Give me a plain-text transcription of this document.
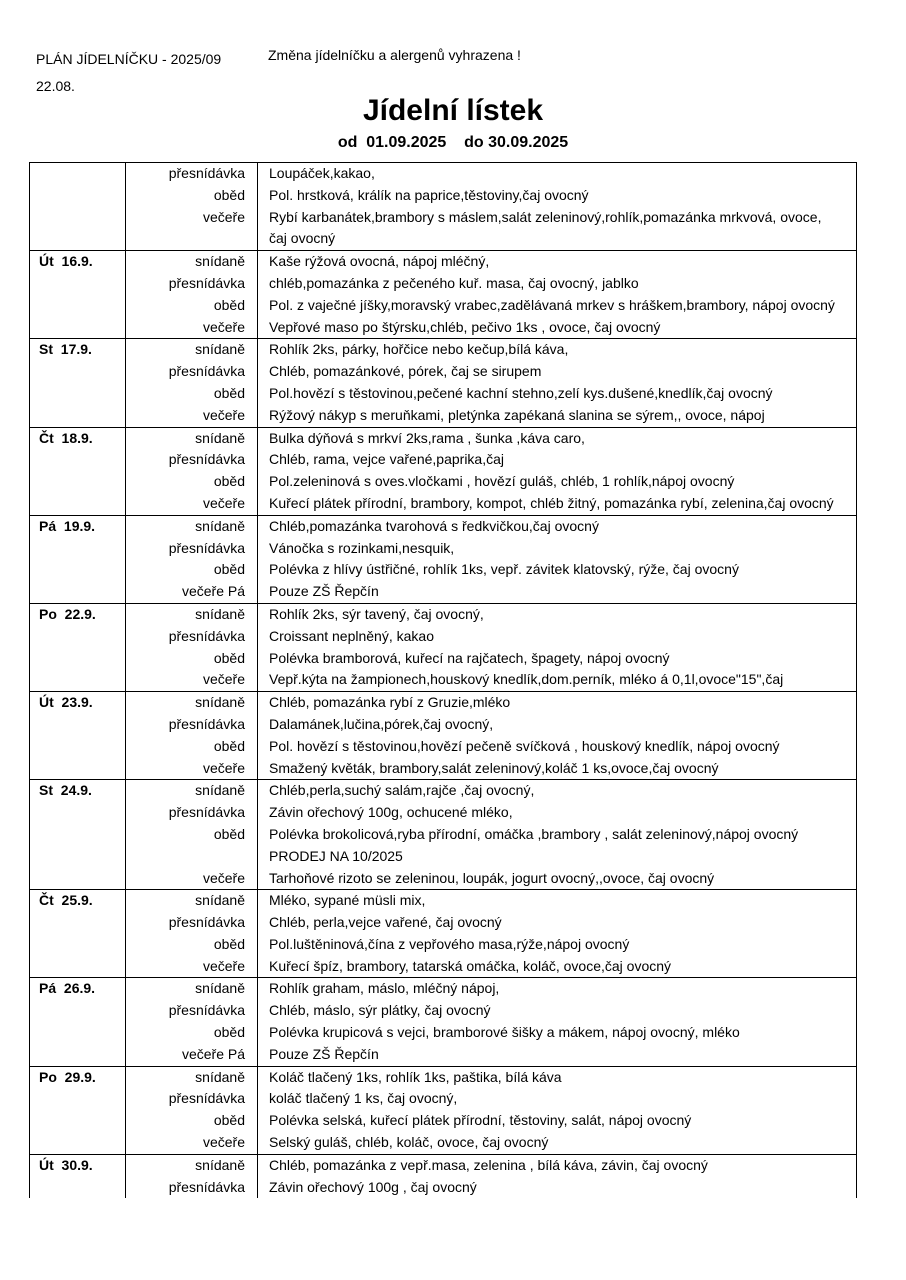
PLÁN JÍDELNÍČKU - 2025/09
22.08.
Změna jídelníčku a alergenů vyhrazena !
Jídelní lístek
od  01.09.2025    do 30.09.2025
	přesnídávka	Loupáček,kakao,
	oběd	Pol. hrstková, králík na paprice,těstoviny,čaj ovocný
	večeře	Rybí karbanátek,brambory s máslem,salát zeleninový,rohlík,pomazánka mrkvová, ovoce, čaj ovocný
Út  16.9.	snídaně	Kaše rýžová ovocná, nápoj mléčný,
	přesnídávka	chléb,pomazánka z pečeného kuř. masa, čaj ovocný, jablko
	oběd	Pol. z vaječné jíšky,moravský vrabec,zadělávaná mrkev s hráškem,brambory, nápoj ovocný
	večeře	Vepřové maso po štýrsku,chléb, pečivo 1ks , ovoce, čaj ovocný
St  17.9.	snídaně	Rohlík 2ks, párky, hořčice nebo kečup,bílá káva,
	přesnídávka	Chléb, pomazánkové, pórek, čaj se sirupem
	oběd	Pol.hovězí s těstovinou,pečené kachní stehno,zelí kys.dušené,knedlík,čaj ovocný
	večeře	Rýžový nákyp s meruňkami, pletýnka zapékaná slanina se sýrem,, ovoce, nápoj
Čt  18.9.	snídaně	Bulka dýňová s mrkví 2ks,rama , šunka ,káva caro,
	přesnídávka	Chléb, rama, vejce vařené,paprika,čaj
	oběd	Pol.zeleninová s oves.vločkami , hovězí guláš, chléb, 1 rohlík,nápoj ovocný
	večeře	Kuřecí plátek přírodní, brambory, kompot, chléb žitný, pomazánka rybí, zelenina,čaj ovocný
Pá  19.9.	snídaně	Chléb,pomazánka tvarohová s ředkvičkou,čaj ovocný
	přesnídávka	Vánočka s rozinkami,nesquik,
	oběd	Polévka z hlívy ústřičné, rohlík 1ks, vepř. závitek klatovský, rýže, čaj ovocný
	večeře Pá	Pouze ZŠ Řepčín
Po  22.9.	snídaně	Rohlík 2ks, sýr tavený, čaj ovocný,
	přesnídávka	Croissant neplněný, kakao
	oběd	Polévka bramborová, kuřecí na rajčatech, špagety, nápoj ovocný
	večeře	Vepř.kýta na žampionech,houskový knedlík,dom.perník, mléko á 0,1l,ovoce"15",čaj
Út  23.9.	snídaně	Chléb, pomazánka rybí z Gruzie,mléko
	přesnídávka	Dalamánek,lučina,pórek,čaj ovocný,
	oběd	Pol. hovězí s těstovinou,hovězí pečeně svíčková , houskový knedlík, nápoj ovocný
	večeře	Smažený květák, brambory,salát zeleninový,koláč 1 ks,ovoce,čaj ovocný
St  24.9.	snídaně	Chléb,perla,suchý salám,rajče ,čaj ovocný,
	přesnídávka	Závin ořechový 100g, ochucené mléko,
	oběd	Polévka brokolicová,ryba přírodní, omáčka ,brambory , salát zeleninový,nápoj ovocný PRODEJ NA 10/2025
	večeře	Tarhoňové rizoto se zeleninou, loupák, jogurt ovocný,,ovoce, čaj ovocný
Čt  25.9.	snídaně	Mléko, sypané müsli mix,
	přesnídávka	Chléb, perla,vejce vařené, čaj ovocný
	oběd	Pol.luštěninová,čína z vepřového masa,rýže,nápoj ovocný
	večeře	Kuřecí špíz, brambory, tatarská omáčka, koláč, ovoce,čaj ovocný
Pá  26.9.	snídaně	Rohlík graham, máslo, mléčný nápoj,
	přesnídávka	Chléb, máslo, sýr plátky, čaj ovocný
	oběd	Polévka krupicová s vejci, bramborové šišky a mákem, nápoj ovocný, mléko
	večeře Pá	Pouze ZŠ Řepčín
Po  29.9.	snídaně	Koláč tlačený 1ks, rohlík 1ks, paštika, bílá káva
	přesnídávka	koláč tlačený 1 ks, čaj ovocný,
	oběd	Polévka selská, kuřecí plátek přírodní, těstoviny, salát, nápoj ovocný
	večeře	Selský guláš, chléb, koláč, ovoce, čaj ovocný
Út  30.9.	snídaně	Chléb, pomazánka z vepř.masa, zelenina , bílá káva, závin, čaj ovocný
	přesnídávka	Závin ořechový 100g , čaj ovocný
